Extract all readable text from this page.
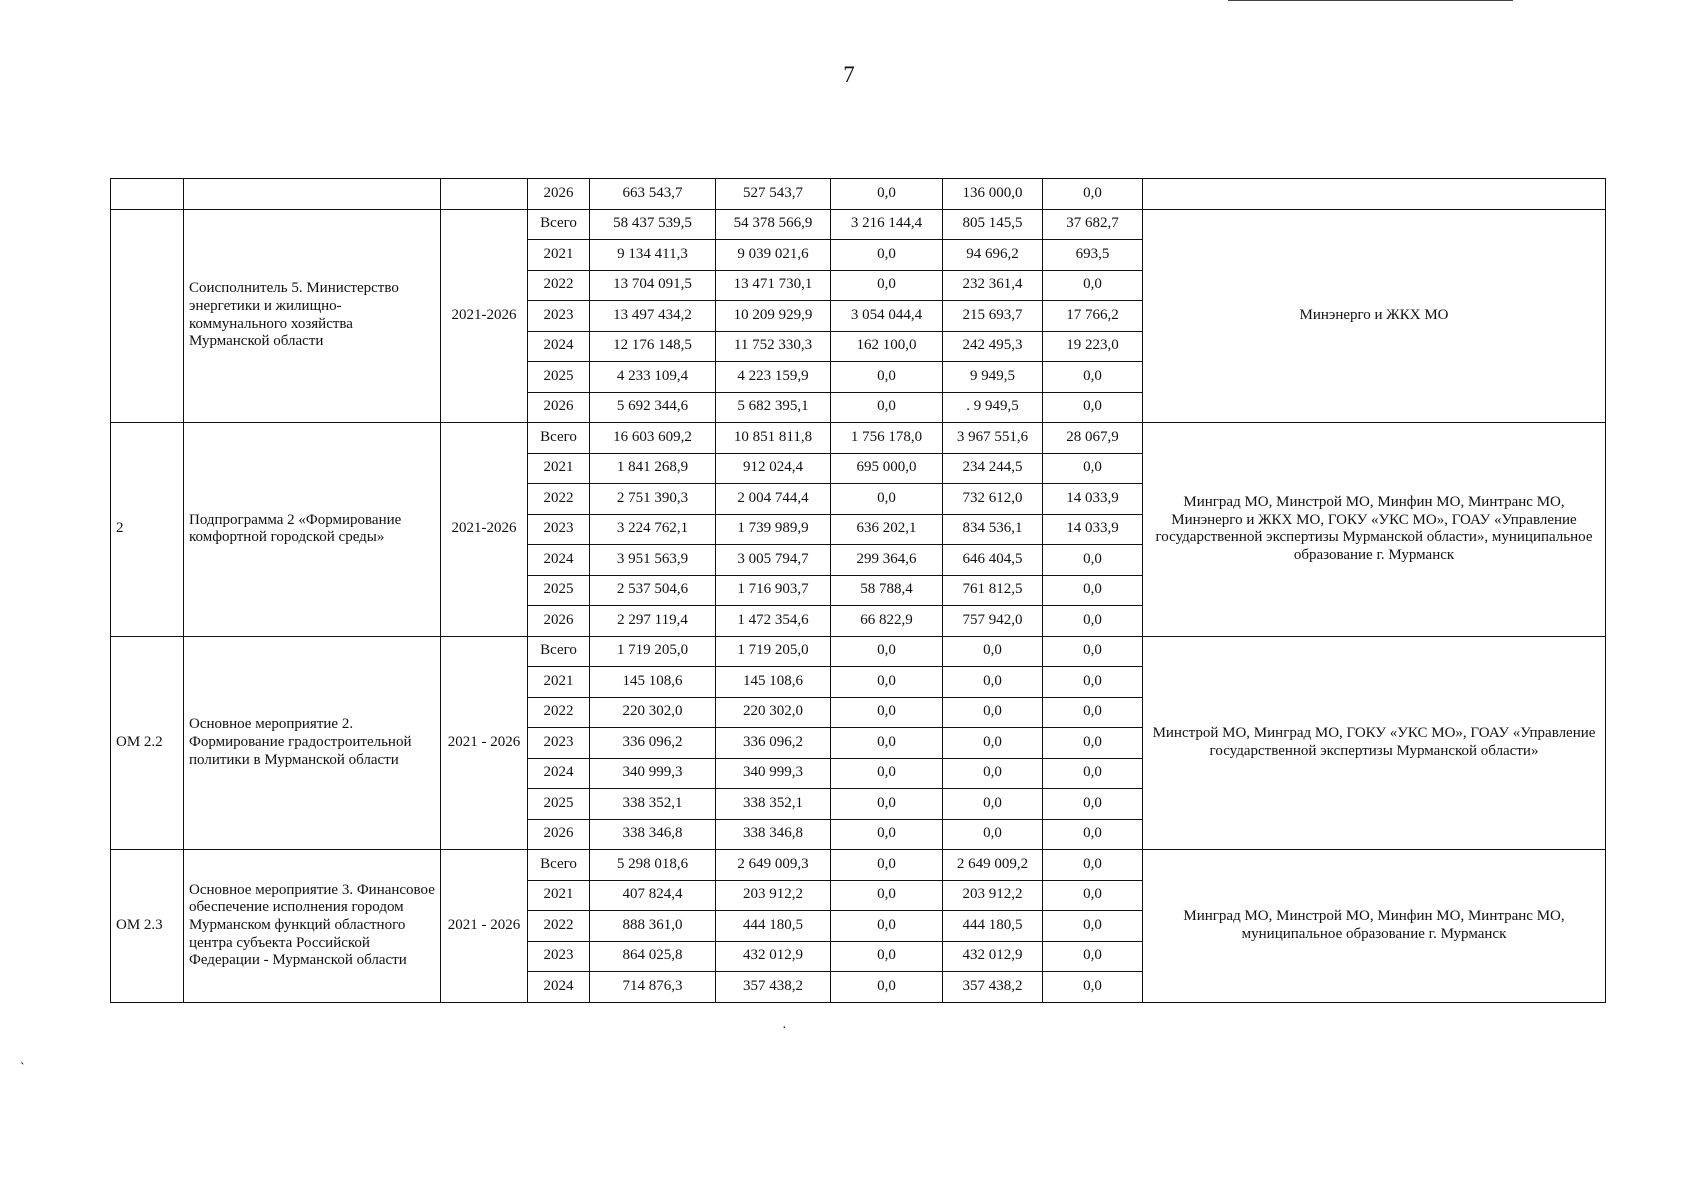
7
			2026	663 543,7	527 543,7	0,0	136 000,0	0,0	
	Соисполнитель 5. Министерство энергетики и жилищно-коммунального хозяйства Мурманской области	2021-2026	Всего	58 437 539,5	54 378 566,9	3 216 144,4	805 145,5	37 682,7	Минэнерго и ЖКХ МО
			2021	9 134 411,3	9 039 021,6	0,0	94 696,2	693,5	
			2022	13 704 091,5	13 471 730,1	0,0	232 361,4	0,0	
			2023	13 497 434,2	10 209 929,9	3 054 044,4	215 693,7	17 766,2	
			2024	12 176 148,5	11 752 330,3	162 100,0	242 495,3	19 223,0	
			2025	4 233 109,4	4 223 159,9	0,0	9 949,5	0,0	
			2026	5 692 344,6	5 682 395,1	0,0	. 9 949,5	0,0	
2	Подпрограмма 2 «Формирование комфортной городской среды»	2021-2026	Всего	16 603 609,2	10 851 811,8	1 756 178,0	3 967 551,6	28 067,9	Минград МО, Минстрой МО, Минфин МО, Минтранс МО, Минэнерго и ЖКХ МО, ГОКУ «УКС МО», ГОАУ «Управление государственной экспертизы Мурманской области», муниципальное образование г. Мурманск
			2021	1 841 268,9	912 024,4	695 000,0	234 244,5	0,0	
			2022	2 751 390,3	2 004 744,4	0,0	732 612,0	14 033,9	
			2023	3 224 762,1	1 739 989,9	636 202,1	834 536,1	14 033,9	
			2024	3 951 563,9	3 005 794,7	299 364,6	646 404,5	0,0	
			2025	2 537 504,6	1 716 903,7	58 788,4	761 812,5	0,0	
			2026	2 297 119,4	1 472 354,6	66 822,9	757 942,0	0,0	
ОМ 2.2	Основное мероприятие 2. Формирование градостроительной политики в Мурманской области	2021 - 2026	Всего	1 719 205,0	1 719 205,0	0,0	0,0	0,0	Минстрой МО, Минград МО, ГОКУ «УКС МО», ГОАУ «Управление государственной экспертизы Мурманской области»
			2021	145 108,6	145 108,6	0,0	0,0	0,0	
			2022	220 302,0	220 302,0	0,0	0,0	0,0	
			2023	336 096,2	336 096,2	0,0	0,0	0,0	
			2024	340 999,3	340 999,3	0,0	0,0	0,0	
			2025	338 352,1	338 352,1	0,0	0,0	0,0	
			2026	338 346,8	338 346,8	0,0	0,0	0,0	
ОМ 2.3	Основное мероприятие 3. Финансовое обеспечение исполнения городом Мурманском функций областного центра субъекта Российской Федерации - Мурманской области	2021 - 2026	Всего	5 298 018,6	2 649 009,3	0,0	2 649 009,2	0,0	Минград МО, Минстрой МО, Минфин МО, Минтранс МО, муниципальное образование г. Мурманск
			2021	407 824,4	203 912,2	0,0	203 912,2	0,0	
			2022	888 361,0	444 180,5	0,0	444 180,5	0,0	
			2023	864 025,8	432 012,9	0,0	432 012,9	0,0	
			2024	714 876,3	357 438,2	0,0	357 438,2	0,0	
·
`
